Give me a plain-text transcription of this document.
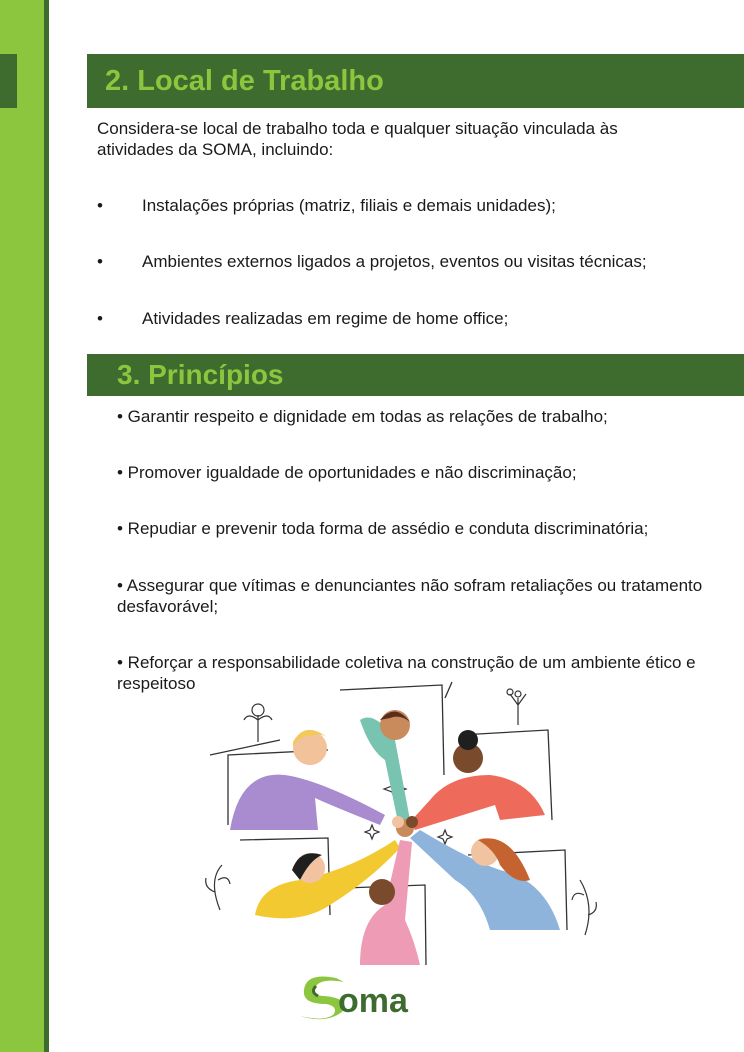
2. Local de Trabalho
Considera-se local de trabalho toda e qualquer situação vinculada às atividades da SOMA, incluindo:
• Instalações próprias (matriz, filiais e demais unidades);
• Ambientes externos ligados a projetos, eventos ou visitas técnicas;
• Atividades realizadas em regime de home office;
3. Princípios
• Garantir respeito e dignidade em todas as relações de trabalho;
• Promover igualdade de oportunidades e não discriminação;
• Repudiar e prevenir toda forma de assédio e conduta discriminatória;
• Assegurar que vítimas e denunciantes não sofram retaliações ou tratamento desfavorável;
• Reforçar a responsabilidade coletiva na construção de um ambiente ético e respeitoso
oma
